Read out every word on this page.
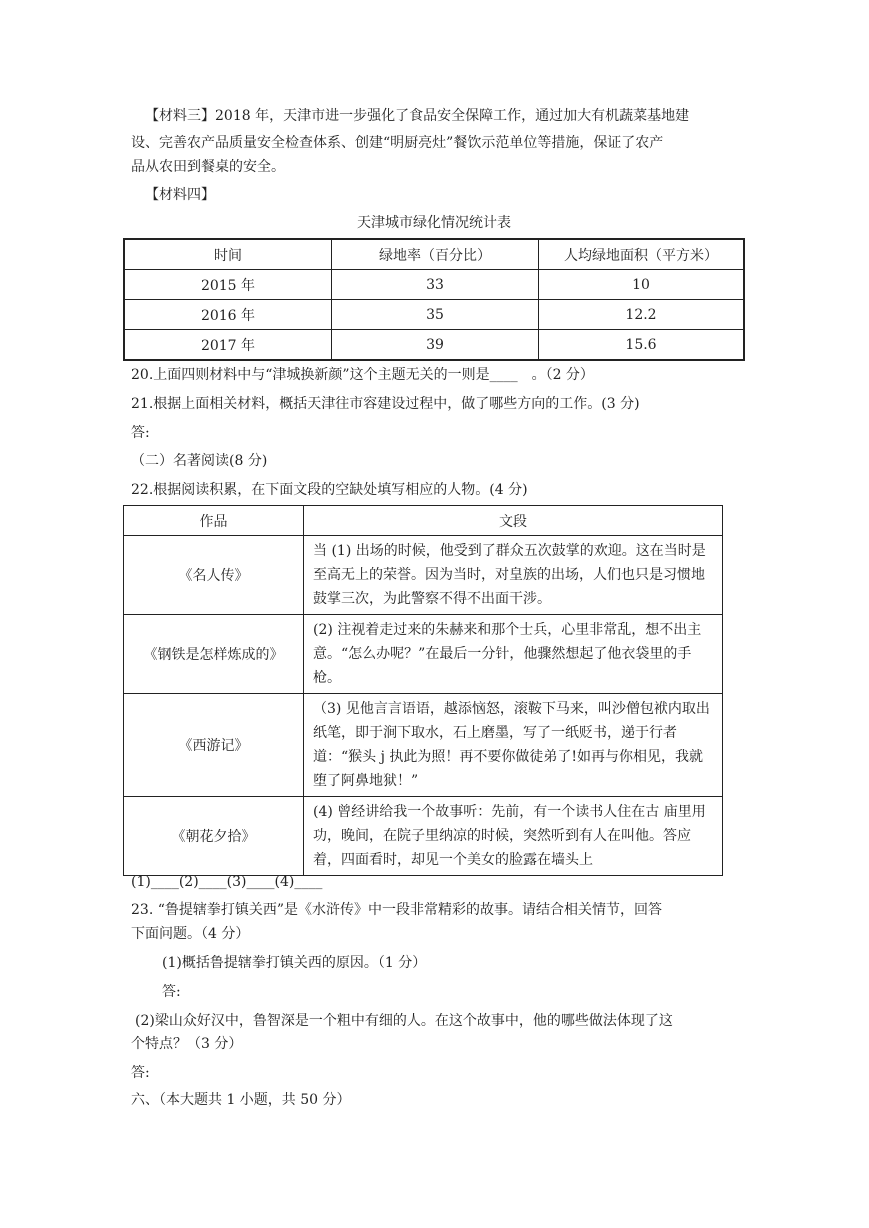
【材料三】2018 年，天津市进一步强化了食品安全保障工作，通过加大有机蔬菜基地建
设、完善农产品质量安全检查体系、创建“明厨亮灶”餐饮示范单位等措施，保证了农产
品从农田到餐桌的安全。
【材料四】
天津城市绿化情况统计表
时间	绿地率（百分比）	人均绿地面积（平方米）
2015 年	33	10
2016 年	35	12.2
2017 年	39	15.6
20.上面四则材料中与“津城换新颜”这个主题无关的一则是____　。（2 分）
21.根据上面相关材料，概括天津往市容建设过程中，做了哪些方向的工作。(3 分)
答:
（二）名著阅读(8 分)
22.根据阅读积累，在下面文段的空缺处填写相应的人物。(4 分)
作品	文段
《名人传》	当 (1) 出场的时候，他受到了群众五次鼓掌的欢迎。这在当时是至高无上的荣誉。因为当时，对皇族的出场，人们也只是习惯地鼓掌三次，为此警察不得不出面干涉。
《钢铁是怎样炼成的》	(2) 注视着走过来的朱赫来和那个士兵，心里非常乱，想不出主意。“怎么办呢？”在最后一分针，他骤然想起了他衣袋里的手枪。
《西游记》	（3) 见他言言语语，越添恼怒，滚鞍下马来，叫沙僧包袱内取出纸笔，即于涧下取水，石上磨墨，写了一纸贬书，递于行者道：“猴头 j 执此为照！再不要你做徒弟了!如再与你相见，我就堕了阿鼻地狱！”
《朝花夕拾》	(4) 曾经讲给我一个故事听：先前，有一个读书人住在古 庙里用功，晚间，在院子里纳凉的时候，突然听到有人在叫他。答应着，四面看时，却见一个美女的脸露在墙头上
(1)____(2)____(3)____(4)____
23. “鲁提辖拳打镇关西”是《水浒传》中一段非常精彩的故事。请结合相关情节，回答
下面问题。（4 分）
(1)概括鲁提辖拳打镇关西的原因。（1 分）
答:
(2)梁山众好汉中，鲁智深是一个粗中有细的人。在这个故事中，他的哪些做法体现了这
个特点？（3 分）
答:
六、（本大题共 1 小题，共 50 分）
